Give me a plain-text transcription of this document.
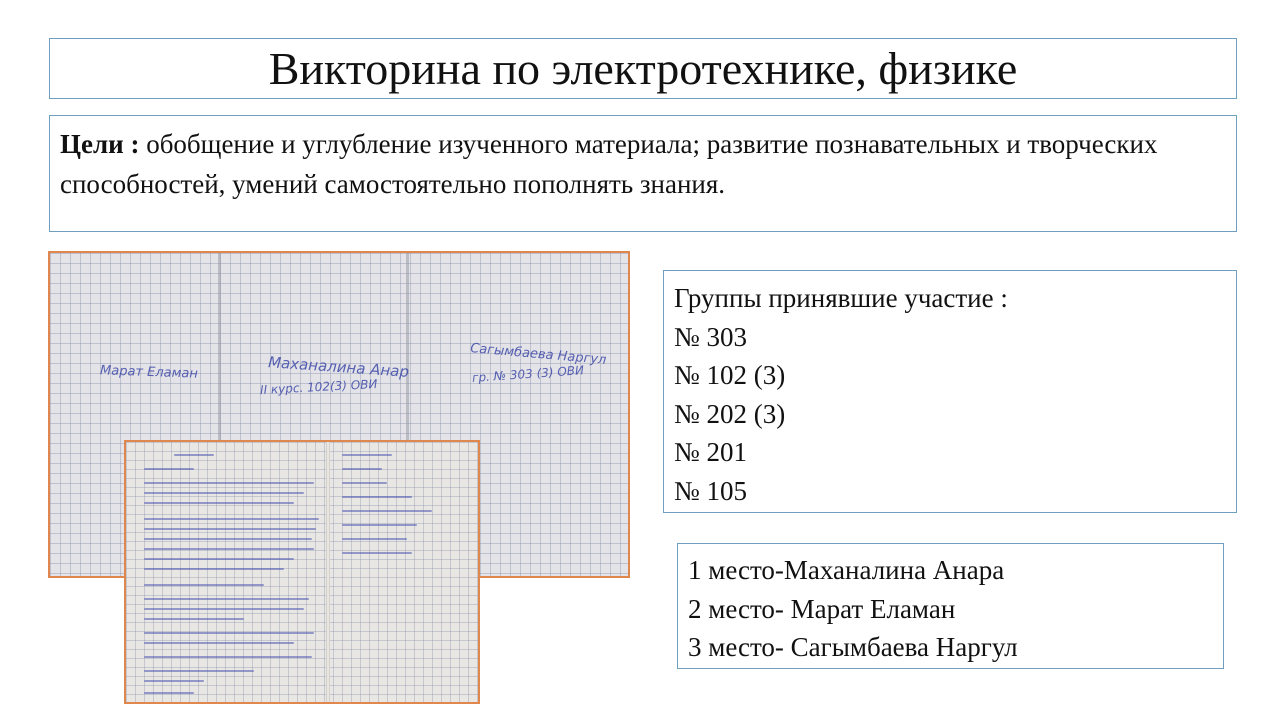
Викторина по электротехнике, физике
Цели : обобщение и углубление изученного материала; развитие познавательных и творческих способностей, умений самостоятельно пополнять знания.
Марат Еламан	Маханалина Анар
II курс. 102(3) ОВИ
Сагымбаева Наргул
гр. № 303 (3) ОВИ
Группы принявшие участие :
№ 303
№ 102 (3)
№ 202 (3)
№ 201
№ 105
1 место-Маханалина Анара
2 место- Марат Еламан
3 место- Сагымбаева Наргул
